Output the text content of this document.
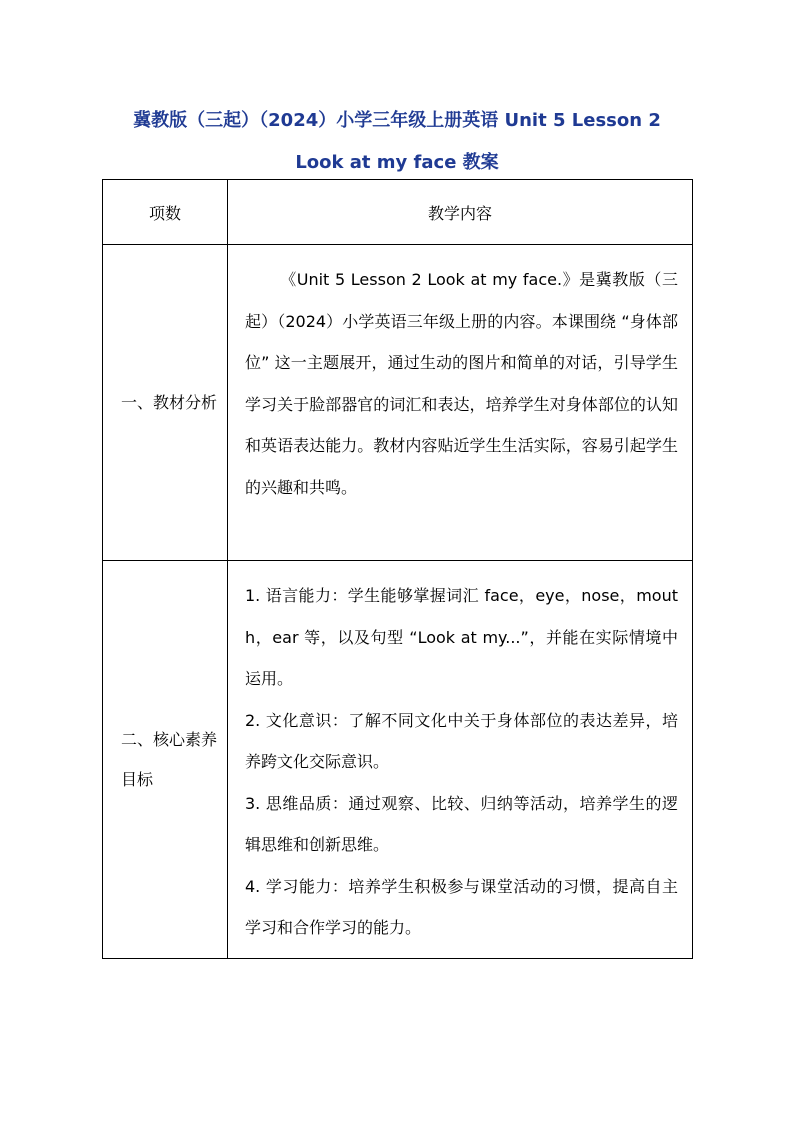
冀教版（三起）（2024）小学三年级上册英语 Unit 5 Lesson 2
Look at my face 教案
项数	教学内容
一、教材分析	《Unit 5 Lesson 2 Look at my face.》是冀教版（三起）（2024）小学英语三年级上册的内容。本课围绕 “身体部位” 这一主题展开，通过生动的图片和简单的对话，引导学生学习关于脸部器官的词汇和表达，培养学生对身体部位的认知和英语表达能力。教材内容贴近学生生活实际，容易引起学生的兴趣和共鸣。

二、核心素养目标	1. 语言能力：学生能够掌握词汇 face，eye，nose，mouth，ear 等，以及句型 “Look at my...”，并能在实际情境中运用。

2. 文化意识：了解不同文化中关于身体部位的表达差异，培养跨文化交际意识。

3. 思维品质：通过观察、比较、归纳等活动，培养学生的逻辑思维和创新思维。

4. 学习能力：培养学生积极参与课堂活动的习惯，提高自主学习和合作学习的能力。
